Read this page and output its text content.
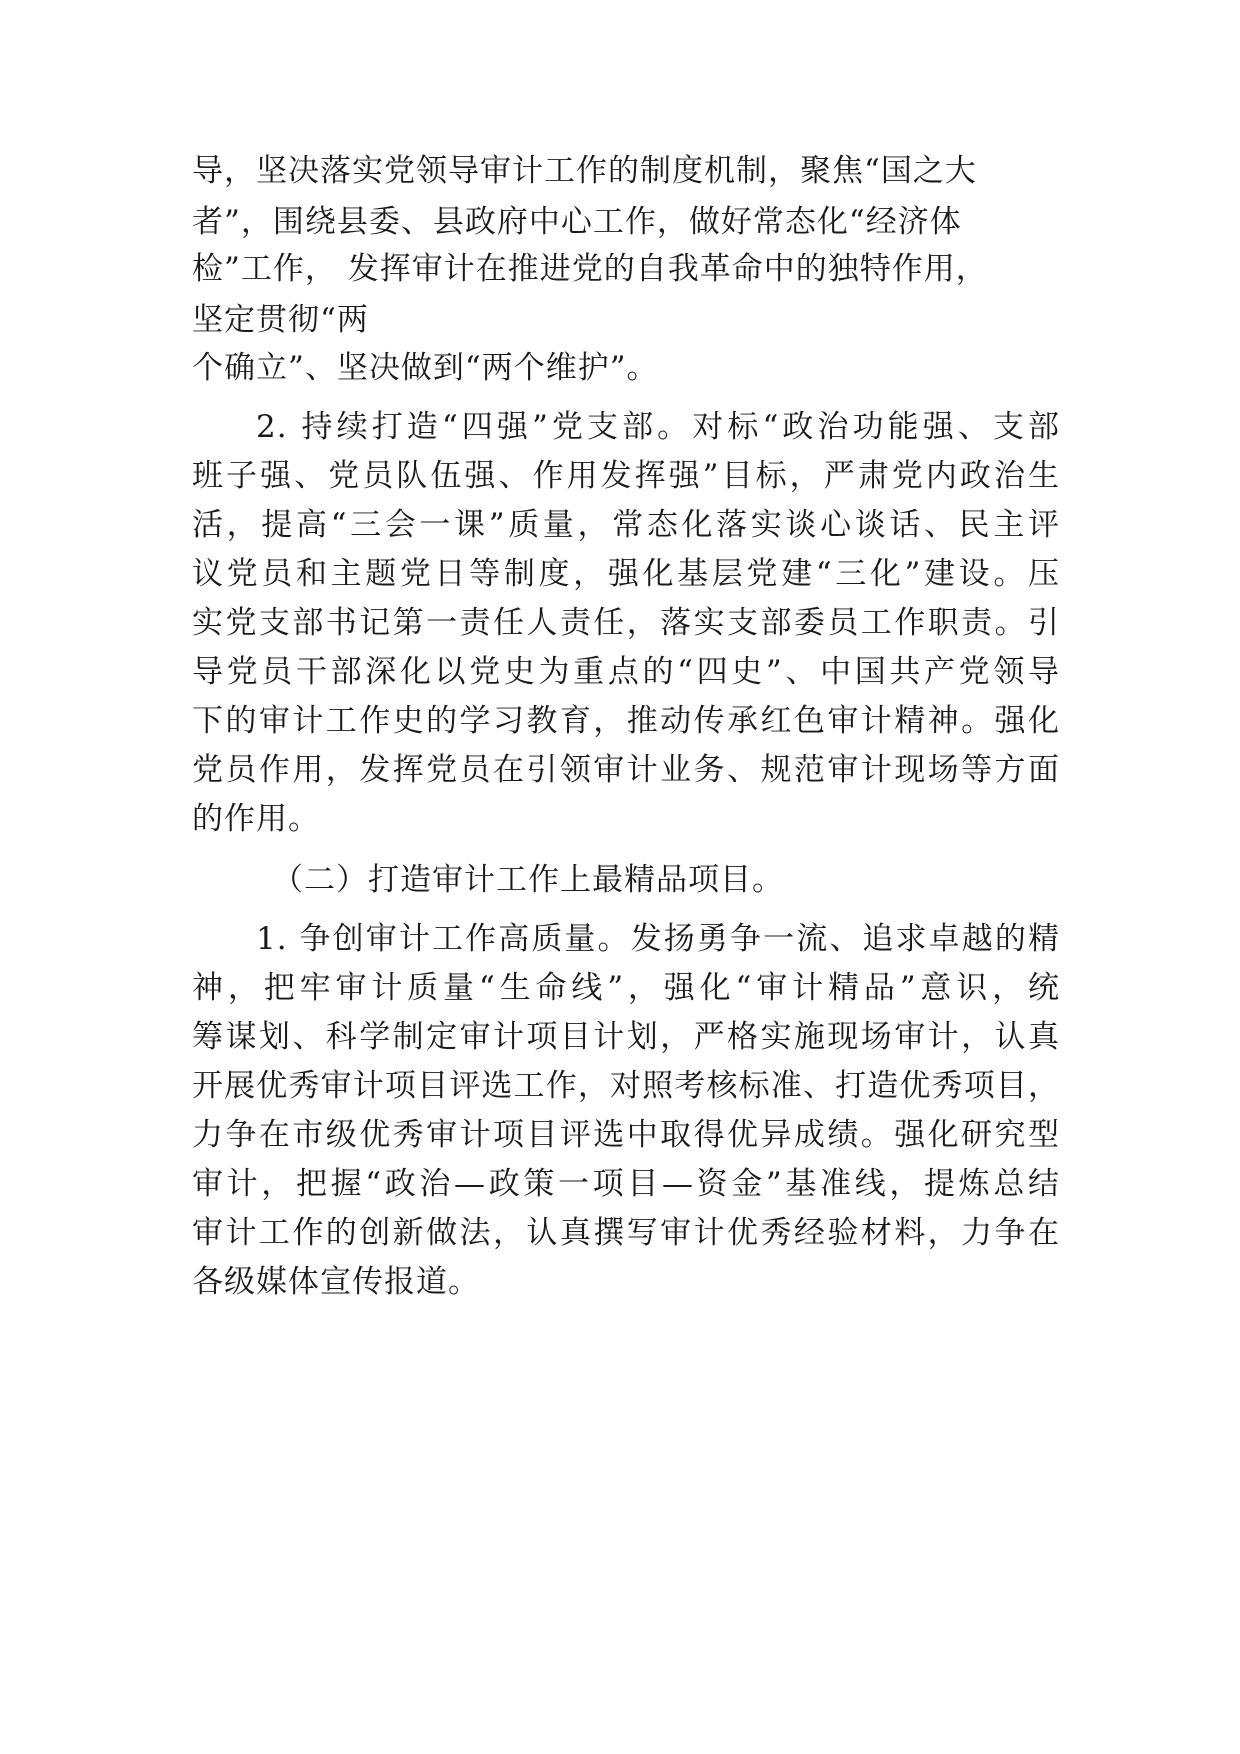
导，坚决落实党领导审计工作的制度机制，聚焦“国之大
者”，围绕县委、县政府中心工作，做好常态化“经济体
检”工作， 发挥审计在推进党的自我革命中的独特作用，
坚定贯彻“两
个确立”、坚决做到“两个维护”。
2. 持续打造“四强”党支部。对标“政治功能强、支部
班子强、党员队伍强、作用发挥强”目标，严肃党内政治生
活，提高“三会一课”质量，常态化落实谈心谈话、民主评
议党员和主题党日等制度，强化基层党建“三化”建设。压
实党支部书记第一责任人责任，落实支部委员工作职责。引
导党员干部深化以党史为重点的“四史”、中国共产党领导
下的审计工作史的学习教育，推动传承红色审计精神。强化
党员作用，发挥党员在引领审计业务、规范审计现场等方面
的作用。
（二）打造审计工作上最精品项目。
1. 争创审计工作高质量。发扬勇争一流、追求卓越的精
神，把牢审计质量“生命线”，强化“审计精品”意识，统
筹谋划、科学制定审计项目计划，严格实施现场审计，认真
开展优秀审计项目评选工作，对照考核标准、打造优秀项目，
力争在市级优秀审计项目评选中取得优异成绩。强化研究型
审计，把握“政治—政策一项目—资金”基准线，提炼总结
审计工作的创新做法，认真撰写审计优秀经验材料，力争在
各级媒体宣传报道。
